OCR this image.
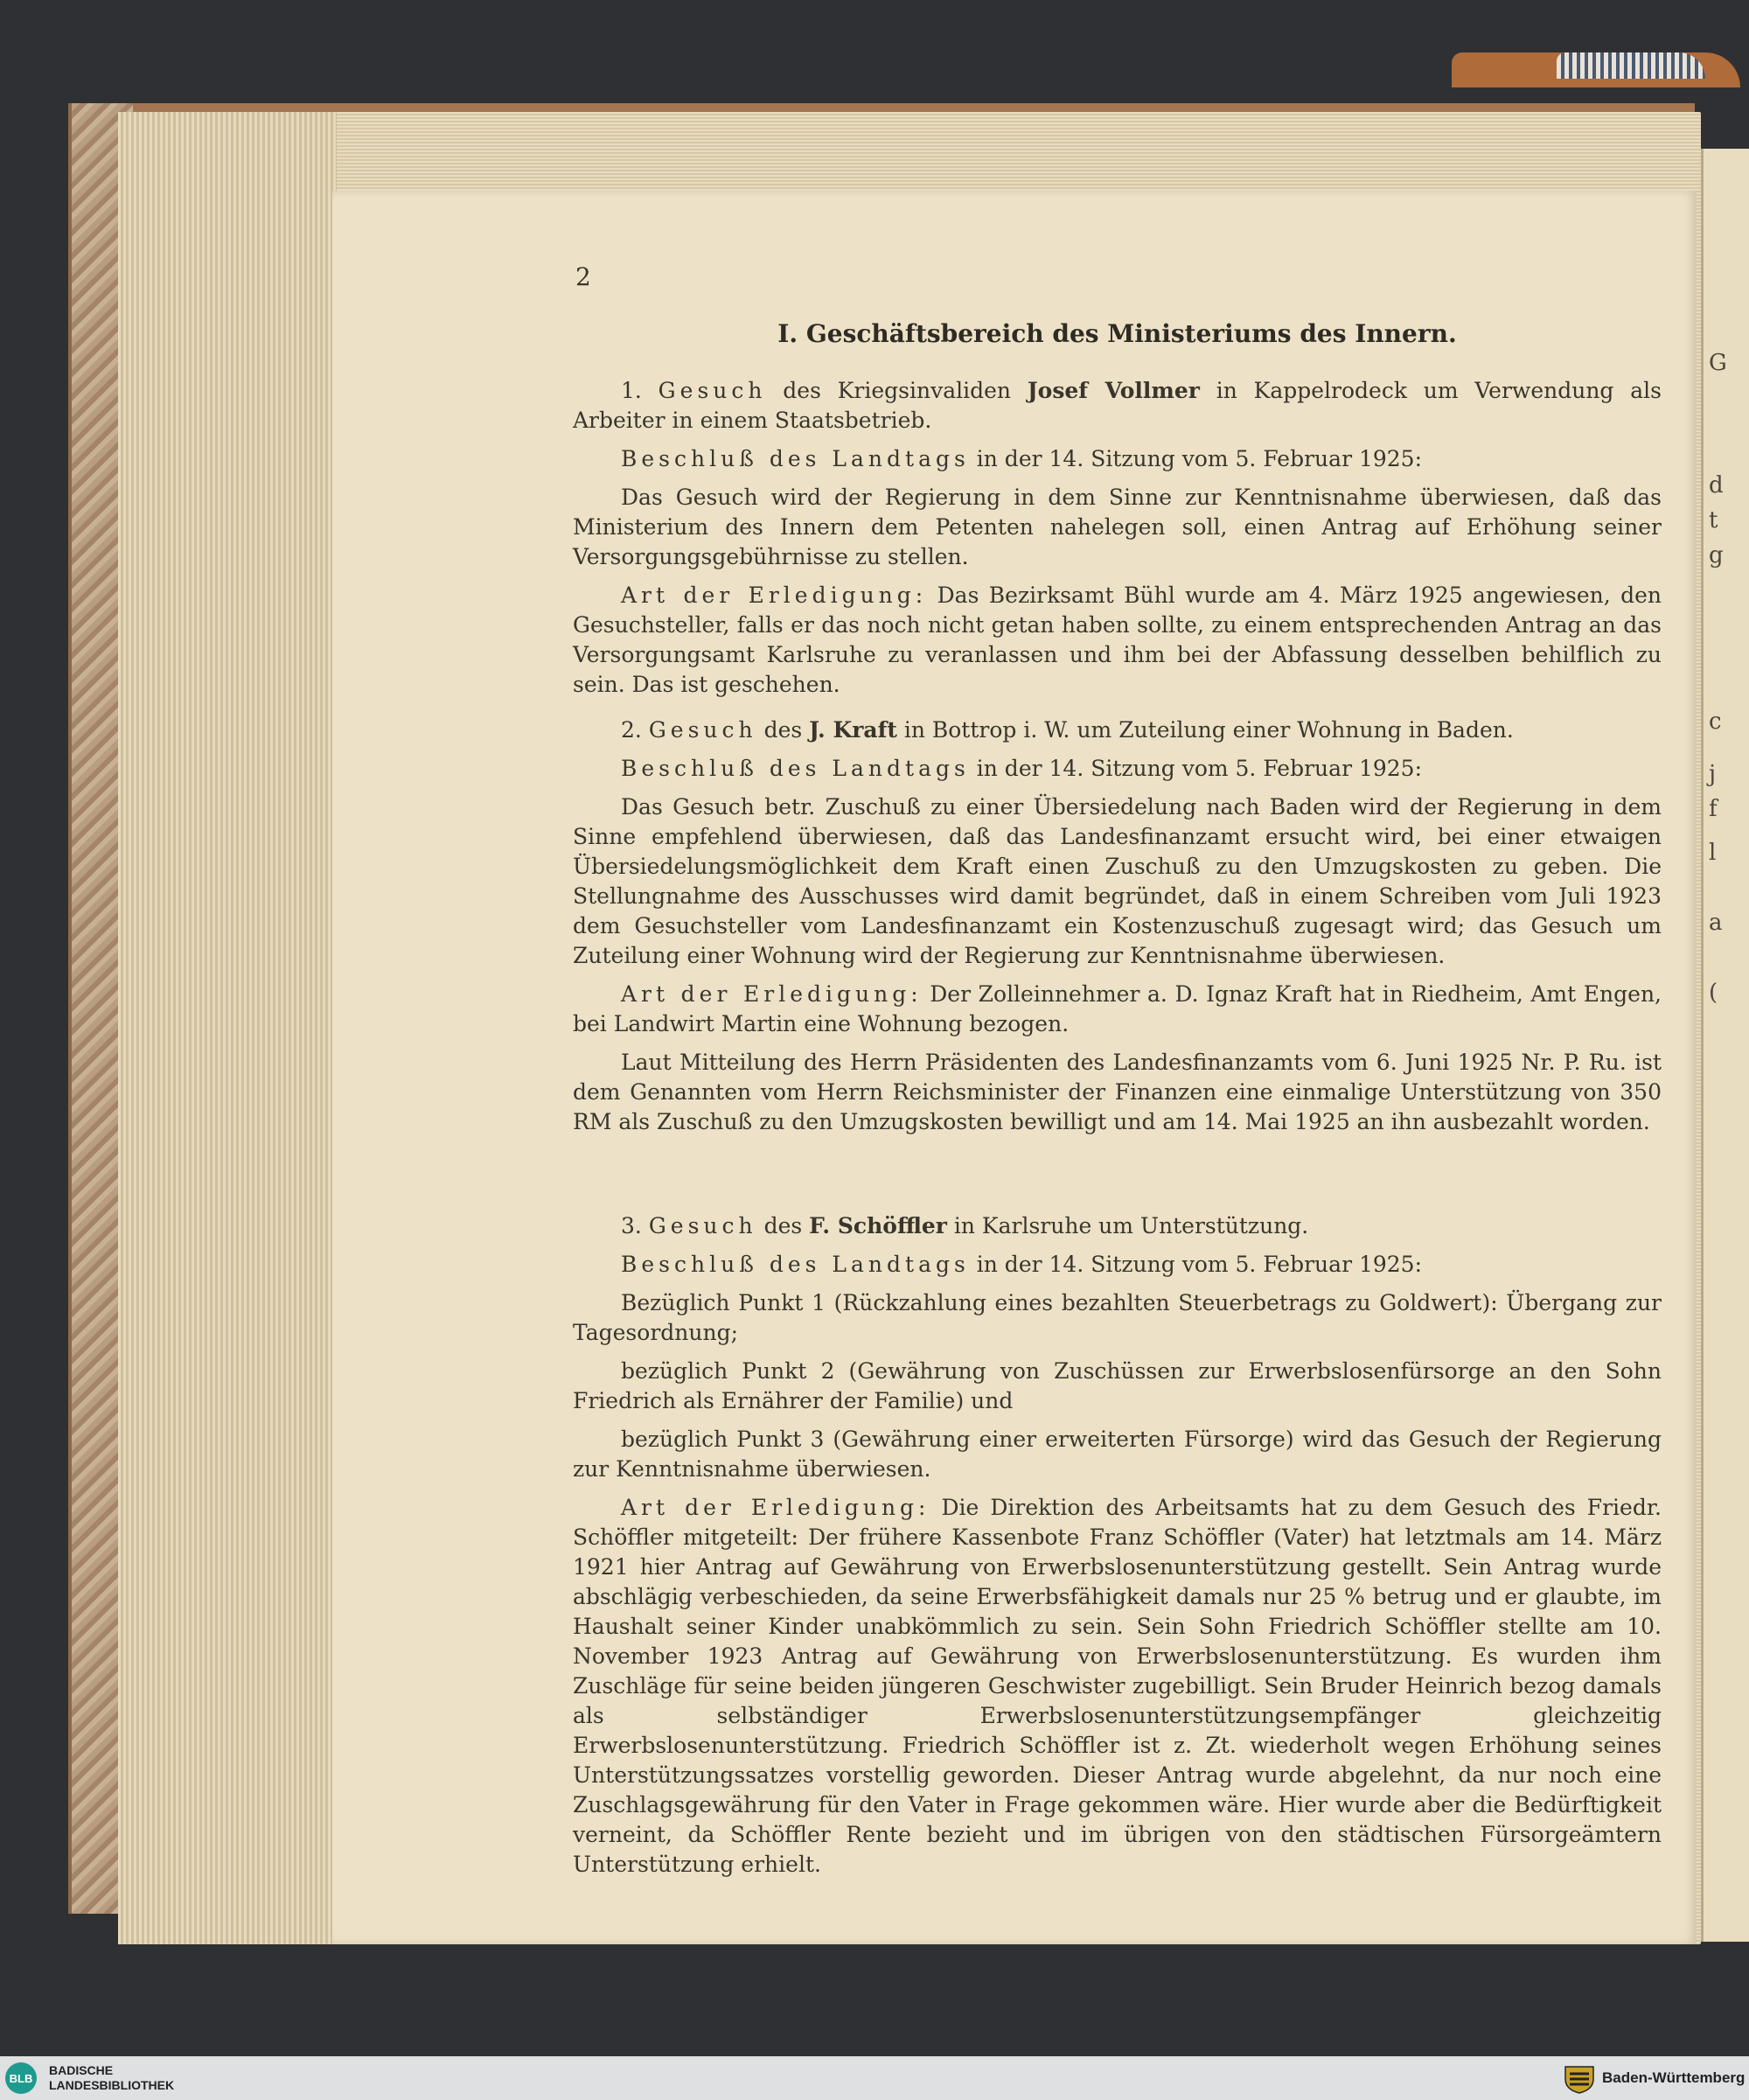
G
d
t
g
c
j
f
l
a
(
2
I. Geschäftsbereich des Ministeriums des Innern.

1. Gesuch des Kriegsinvaliden Josef Vollmer in Kappelrodeck um Verwendung als Arbeiter in einem Staatsbetrieb.

Beschluß des Landtags in der 14. Sitzung vom 5. Februar 1925:

Das Gesuch wird der Regierung in dem Sinne zur Kenntnisnahme überwiesen, daß das Ministerium des Innern dem Petenten nahelegen soll, einen Antrag auf Erhöhung seiner Versorgungsgebührnisse zu stellen.

Art der Erledigung: Das Bezirksamt Bühl wurde am 4. März 1925 angewiesen, den Gesuchsteller, falls er das noch nicht getan haben sollte, zu einem entsprechenden Antrag an das Versorgungsamt Karlsruhe zu veranlassen und ihm bei der Abfassung desselben behilflich zu sein. Das ist geschehen.

2. Gesuch des J. Kraft in Bottrop i. W. um Zuteilung einer Wohnung in Baden.

Beschluß des Landtags in der 14. Sitzung vom 5. Februar 1925:

Das Gesuch betr. Zuschuß zu einer Übersiedelung nach Baden wird der Regierung in dem Sinne empfehlend überwiesen, daß das Landesfinanzamt ersucht wird, bei einer etwaigen Übersiedelungsmöglichkeit dem Kraft einen Zuschuß zu den Umzugskosten zu geben. Die Stellungnahme des Ausschusses wird damit begründet, daß in einem Schreiben vom Juli 1923 dem Gesuchsteller vom Landesfinanzamt ein Kostenzuschuß zugesagt wird; das Gesuch um Zuteilung einer Wohnung wird der Regierung zur Kenntnisnahme überwiesen.

Art der Erledigung: Der Zolleinnehmer a. D. Ignaz Kraft hat in Riedheim, Amt Engen, bei Landwirt Martin eine Wohnung bezogen.

Laut Mitteilung des Herrn Präsidenten des Landesfinanzamts vom 6. Juni 1925 Nr. P. Ru. ist dem Genannten vom Herrn Reichsminister der Finanzen eine einmalige Unterstützung von 350 RM als Zuschuß zu den Umzugskosten bewilligt und am 14. Mai 1925 an ihn ausbezahlt worden.

3. Gesuch des F. Schöffler in Karlsruhe um Unterstützung.

Beschluß des Landtags in der 14. Sitzung vom 5. Februar 1925:

Bezüglich Punkt 1 (Rückzahlung eines bezahlten Steuerbetrags zu Goldwert): Übergang zur Tagesordnung;

bezüglich Punkt 2 (Gewährung von Zuschüssen zur Erwerbslosenfürsorge an den Sohn Friedrich als Ernährer der Familie) und

bezüglich Punkt 3 (Gewährung einer erweiterten Fürsorge) wird das Gesuch der Regierung zur Kenntnisnahme überwiesen.

Art der Erledigung: Die Direktion des Arbeitsamts hat zu dem Gesuch des Friedr. Schöffler mitgeteilt: Der frühere Kassenbote Franz Schöffler (Vater) hat letztmals am 14. März 1921 hier Antrag auf Gewährung von Erwerbslosenunterstützung gestellt. Sein Antrag wurde abschlägig verbeschieden, da seine Erwerbsfähigkeit damals nur 25 % betrug und er glaubte, im Haushalt seiner Kinder unabkömmlich zu sein. Sein Sohn Friedrich Schöffler stellte am 10. November 1923 Antrag auf Gewährung von Erwerbslosenunterstützung. Es wurden ihm Zuschläge für seine beiden jüngeren Geschwister zugebilligt. Sein Bruder Heinrich bezog damals als selbständiger Erwerbslosenunterstützungsempfänger gleichzeitig Erwerbslosenunterstützung. Friedrich Schöffler ist z. Zt. wiederholt wegen Erhöhung seines Unterstützungssatzes vorstellig geworden. Dieser Antrag wurde abgelehnt, da nur noch eine Zuschlagsgewährung für den Vater in Frage gekommen wäre. Hier wurde aber die Bedürftigkeit verneint, da Schöffler Rente bezieht und im übrigen von den städtischen Fürsorgeämtern Unterstützung erhielt.

BLB
BADISCHE
LANDESBIBLIOTHEK	Baden-Württemberg
